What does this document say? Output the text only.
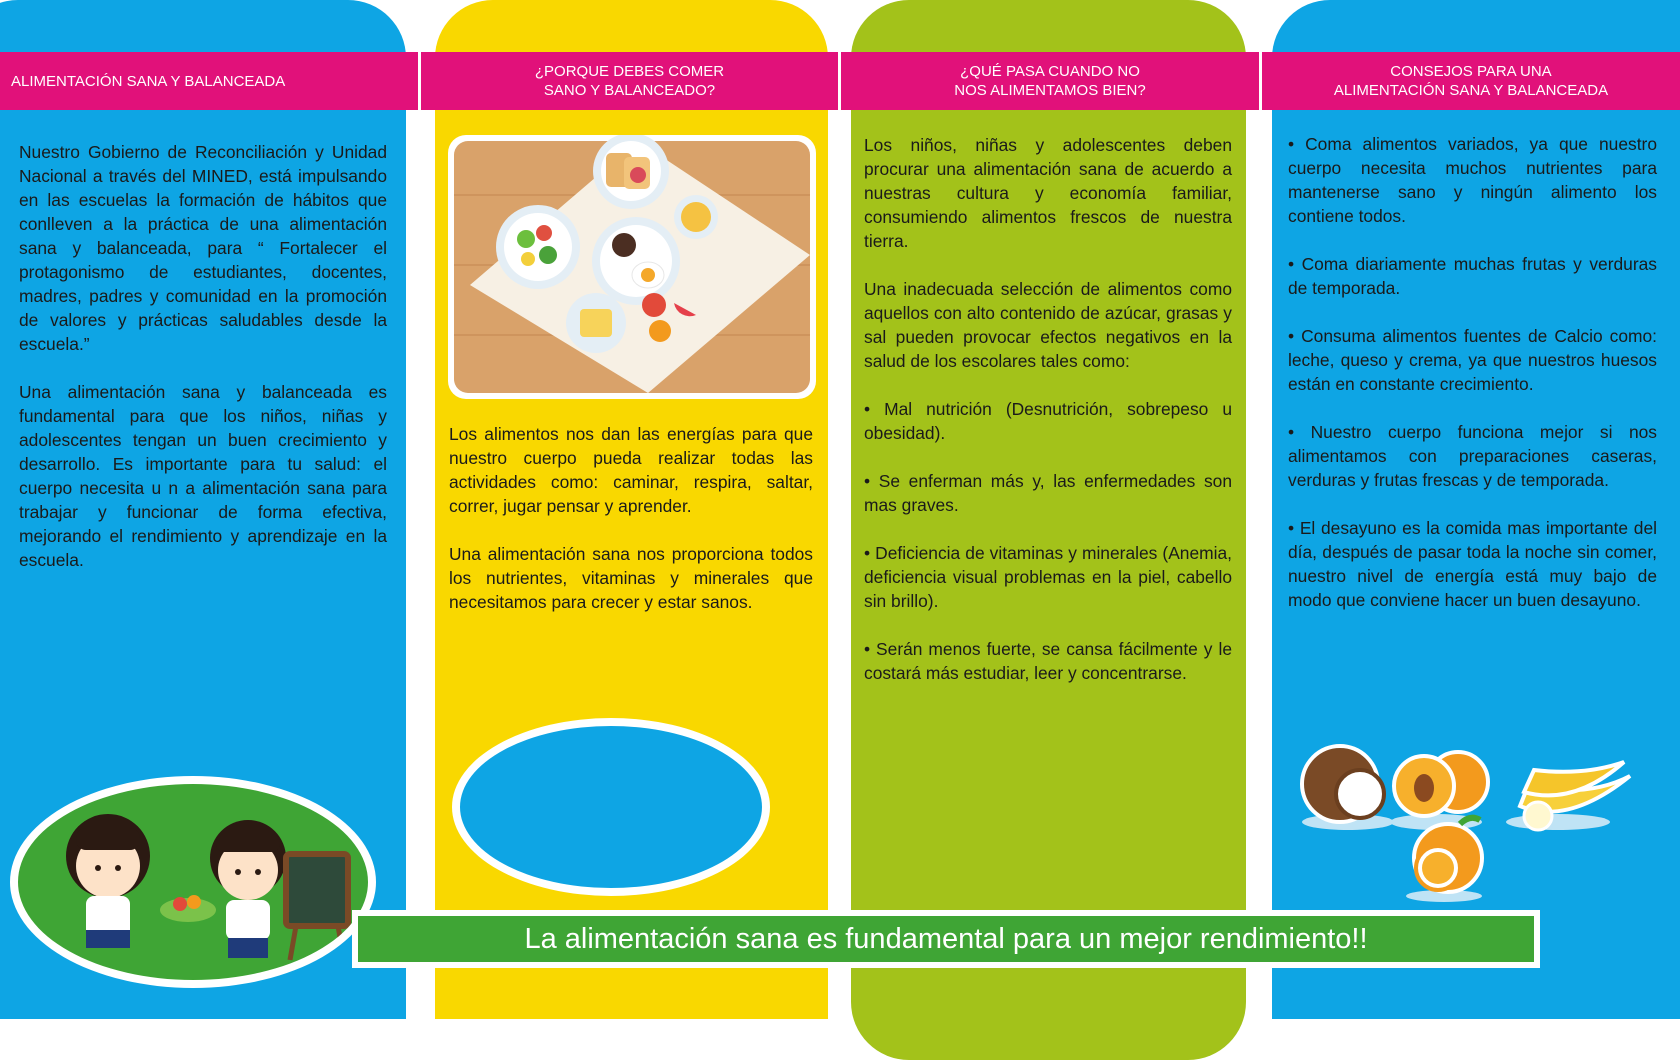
ALIMENTACIÓN SANA Y BALANCEADA
¿PORQUE DEBES COMER
SANO Y BALANCEADO?
¿QUÉ PASA CUANDO NO
NOS ALIMENTAMOS BIEN?
CONSEJOS PARA UNA
ALIMENTACIÓN SANA Y BALANCEADA

Nuestro Gobierno de Reconciliación y Unidad Nacional a través del MINED, está impulsando en las escuelas la formación de hábitos que conlleven a la práctica de una alimentación sana y balanceada, para “ Fortalecer el protagonismo de estudiantes, docentes, madres, padres y comunidad en la promoción de valores y prácticas saludables desde la escuela.”

Una alimentación sana y balanceada es fundamental para que los niños, niñas y adolescentes tengan un buen crecimiento y desarrollo. Es importante para tu salud: el cuerpo necesita u n a alimentación sana para trabajar y funcionar de forma efectiva, mejorando el rendimiento y aprendizaje en la escuela.

Los alimentos nos dan las energías para que nuestro cuerpo pueda realizar todas las actividades como: caminar, respira, saltar, correr, jugar pensar y aprender.

Una alimentación sana nos proporciona todos los nutrientes, vitaminas y minerales que necesitamos para crecer y estar sanos.

Los niños, niñas y adolescentes deben procurar una alimentación sana de acuerdo a nuestras cultura y economía familiar, consumiendo alimentos frescos de nuestra tierra.

Una inadecuada selección de alimentos como aquellos con alto contenido de azúcar, grasas y sal pueden provocar efectos negativos en la salud de los escolares tales como:

• Mal nutrición (Desnutrición, sobrepeso u obesidad).

• Se enferman más y, las enfermedades son mas graves.

• Deficiencia de vitaminas y minerales (Anemia, deficiencia visual problemas en la piel, cabello sin brillo).

• Serán menos fuerte, se cansa fácilmente y le costará más estudiar, leer y concentrarse.

• Coma alimentos variados, ya que nuestro cuerpo necesita muchos nutrientes para mantenerse sano y ningún alimento los contiene todos.

• Coma diariamente muchas frutas y verduras de temporada.

• Consuma alimentos fuentes de Calcio como: leche, queso y crema, ya que nuestros huesos están en constante crecimiento.

• Nuestro cuerpo funciona mejor si nos alimentamos con preparaciones caseras, verduras y frutas frescas y de temporada.

• El desayuno es la comida mas importante del día, después de pasar toda la noche sin comer, nuestro nivel de energía está muy bajo de modo que conviene hacer un buen desayuno.

La alimentación sana es fundamental para un mejor rendimiento!!
